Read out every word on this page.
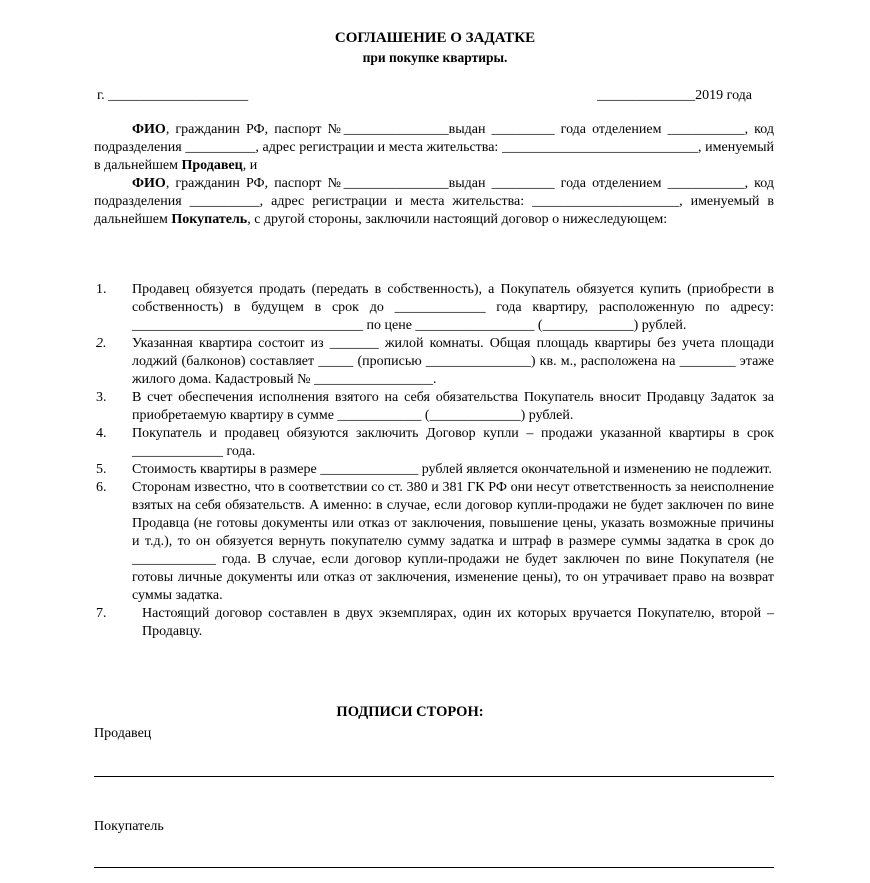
СОГЛАШЕНИЕ О ЗАДАТКЕ
при покупке квартиры.
г. ____________________	______________2019 года

ФИО, гражданин РФ, паспорт №_______________выдан _________ года отделением ___________, код подразделения __________, адрес регистрации и места жительства: ____________________________, именуемый в дальнейшем Продавец, и

ФИО, гражданин РФ, паспорт №_______________выдан _________ года отделением ___________, код подразделения __________, адрес регистрации и места жительства: _____________________, именуемый в дальнейшем Покупатель, с другой стороны, заключили настоящий договор о нижеследующем:

1. Продавец обязуется продать (передать в собственность), а Покупатель обязуется купить (приобрести в собственность) в будущем в срок до _____________ года квартиру, расположенную по адресу: _________________________________ по цене _________________ (_____________) рублей.
2. Указанная квартира состоит из _______ жилой комнаты. Общая площадь квартиры без учета площади лоджий (балконов) составляет _____ (прописью _______________) кв. м., расположена на ________ этаже жилого дома. Кадастровый № _________________.
3. В счет обеспечения исполнения взятого на себя обязательства Покупатель вносит Продавцу Задаток за приобретаемую квартиру в сумме ____________ (_____________) рублей.
4. Покупатель и продавец обязуются заключить Договор купли – продажи указанной квартиры в срок _____________ года.
5. Стоимость квартиры в размере ______________ рублей является окончательной и изменению не подлежит.
6. Сторонам известно, что в соответствии со ст. 380 и 381 ГК РФ они несут ответственность за неисполнение взятых на себя обязательств. А именно: в случае, если договор купли-продажи не будет заключен по вине Продавца (не готовы документы или отказ от заключения, повышение цены, указать возможные причины и т.д.), то он обязуется вернуть покупателю сумму задатка и штраф в размере суммы задатка в срок до ____________ года. В случае, если договор купли-продажи не будет заключен по вине Покупателя (не готовы личные документы или отказ от заключения, изменение цены), то он утрачивает право на возврат суммы задатка.
7.	Настоящий договор составлен в двух экземплярах, один их которых вручается Покупателю, второй – Продавцу.
ПОДПИСИ СТОРОН:
Продавец
Покупатель
